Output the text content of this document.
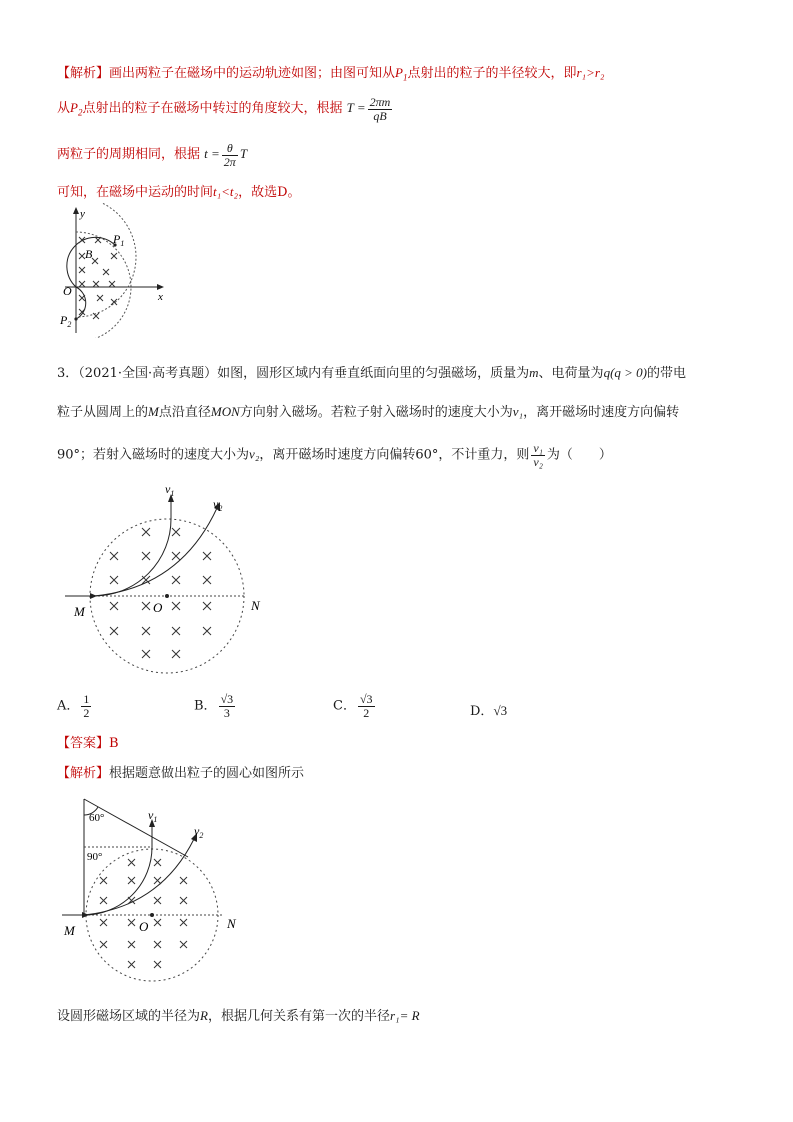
【解析】画出两粒子在磁场中的运动轨迹如图；由图可知从$P_1$点射出的粒子的半径较大，即r₁>r₂
从$P_2$点射出的粒子在磁场中转过的角度较大，根据 $T = \frac{2\pi m}{qB}$
两粒子的周期相同，根据 $t = \frac{\theta}{2\pi}$ T
可知，在磁场中运动的时间t₁<t₂，故选D。
y
x
O
B
$P_1$
$P_2$
3．（2021·全国·高考真题）如图，圆形区域内有垂直纸面向里的匀强磁场，质量为m、电荷量为q(q > 0)的带电
粒子从圆周上的M点沿直径MON方向射入磁场。若粒子射入磁场时的速度大小为v₁，离开磁场时速度方向偏转
90°；若射入磁场时的速度大小为v₂，离开磁场时速度方向偏转60°，不计重力，则 $\frac{\text{v₁}}{\text{v₂}}$ 为（　　）
$v_1$
$v_2$
M	O	N
A． $\frac{1}{2}$	B． $\frac{√3}{3}$	C． $\frac{√3}{2}$	D．√3
【答案】B
【解析】根据题意做出粒子的圆心如图所示
60°
90°
$v_1$
$v_2$
M	O	N
设圆形磁场区域的半径为R，根据几何关系有第一次的半径r₁= R
